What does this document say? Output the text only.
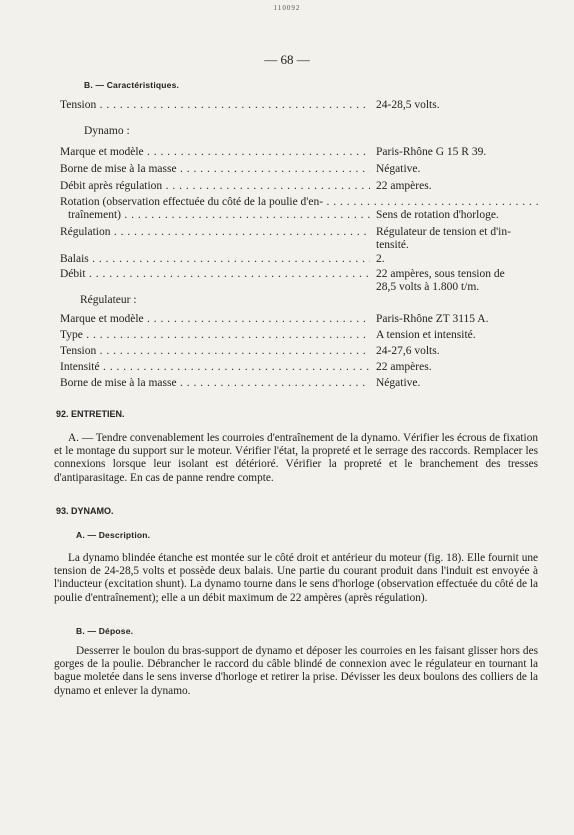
110092
— 68 —
B. — Caractéristiques.
Tension . . .	24-28,5 volts.
Dynamo :
Marque et modèle . . .	Paris-Rhône G 15 R 39.
Borne de mise à la masse . . .	Négative.
Débit après régulation . . .	22 ampères.
Rotation (observation effectuée du côté de la poulie d'en- . . .
traînement) . . .	Sens de rotation d'horloge.
Régulation . . .	Régulateur de tension et d'in-
tensité.
Balais . . .	2.
Débit . . .	22 ampères, sous tension de
28,5 volts à 1.800 t/m.
Régulateur :
Marque et modèle . . .	Paris-Rhône ZT 3115 A.
Type . . .	A tension et intensité.
Tension . . .	24-27,6 volts.
Intensité . . .	22 ampères.
Borne de mise à la masse . . .	Négative.
92. ENTRETIEN.
A. — Tendre convenablement les courroies d'entraînement de la dynamo. Vérifier les écrous de fixation et le montage du support sur le moteur. Vérifier l'état, la propreté et le serrage des raccords. Remplacer les connexions lorsque leur isolant est détérioré. Vérifier la propreté et le branchement des tresses d'antiparasitage. En cas de panne rendre compte.
93. DYNAMO.
A. — Description.
La dynamo blindée étanche est montée sur le côté droit et antérieur du moteur (fig. 18). Elle fournit une tension de 24-28,5 volts et possède deux balais. Une partie du courant produit dans l'induit est envoyée à l'inducteur (excitation shunt). La dynamo tourne dans le sens d'horloge (observation effectuée du côté de la poulie d'entraînement); elle a un débit maximum de 22 ampères (après régulation).
B. — Dépose.
Desserrer le boulon du bras-support de dynamo et déposer les courroies en les faisant glisser hors des gorges de la poulie. Débrancher le raccord du câble blindé de connexion avec le régulateur en tournant la bague moletée dans le sens inverse d'horloge et retirer la prise. Dévisser les deux boulons des colliers de la dynamo et enlever la dynamo.
